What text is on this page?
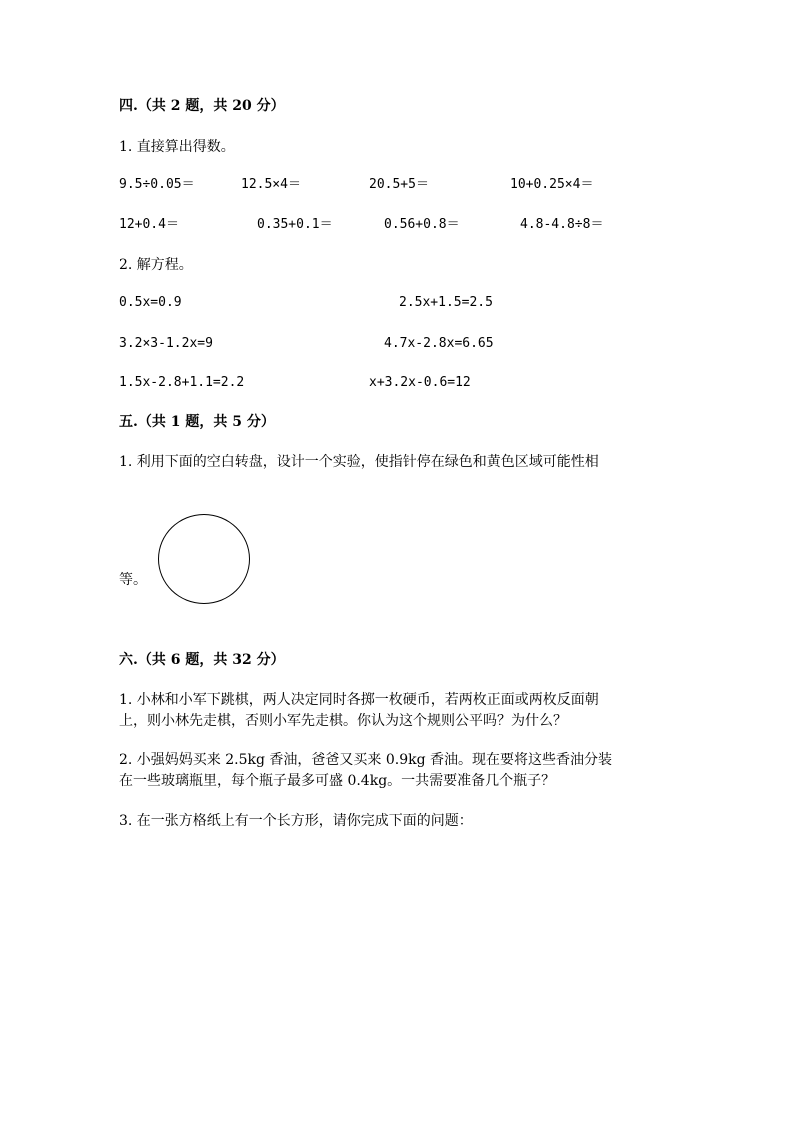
四.（共 2 题，共 20 分）
1. 直接算出得数。
9.5÷0.05＝	12.5×4＝	20.5+5＝	10+0.25×4＝
12+0.4＝	0.35+0.1＝	0.56+0.8＝	4.8-4.8÷8＝
2. 解方程。
0.5x=0.9	2.5x+1.5=2.5
3.2×3-1.2x=9	4.7x-2.8x=6.65
1.5x-2.8+1.1=2.2	x+3.2x-0.6=12
五.（共 1 题，共 5 分）
1. 利用下面的空白转盘，设计一个实验，使指针停在绿色和黄色区域可能性相
等。
六.（共 6 题，共 32 分）
1. 小林和小军下跳棋，两人决定同时各掷一枚硬币，若两枚正面或两枚反面朝
上，则小林先走棋，否则小军先走棋。你认为这个规则公平吗？为什么？
2. 小强妈妈买来 2.5kg 香油，爸爸又买来 0.9kg 香油。现在要将这些香油分装
在一些玻璃瓶里，每个瓶子最多可盛 0.4kg。一共需要准备几个瓶子？
3. 在一张方格纸上有一个长方形，请你完成下面的问题：
